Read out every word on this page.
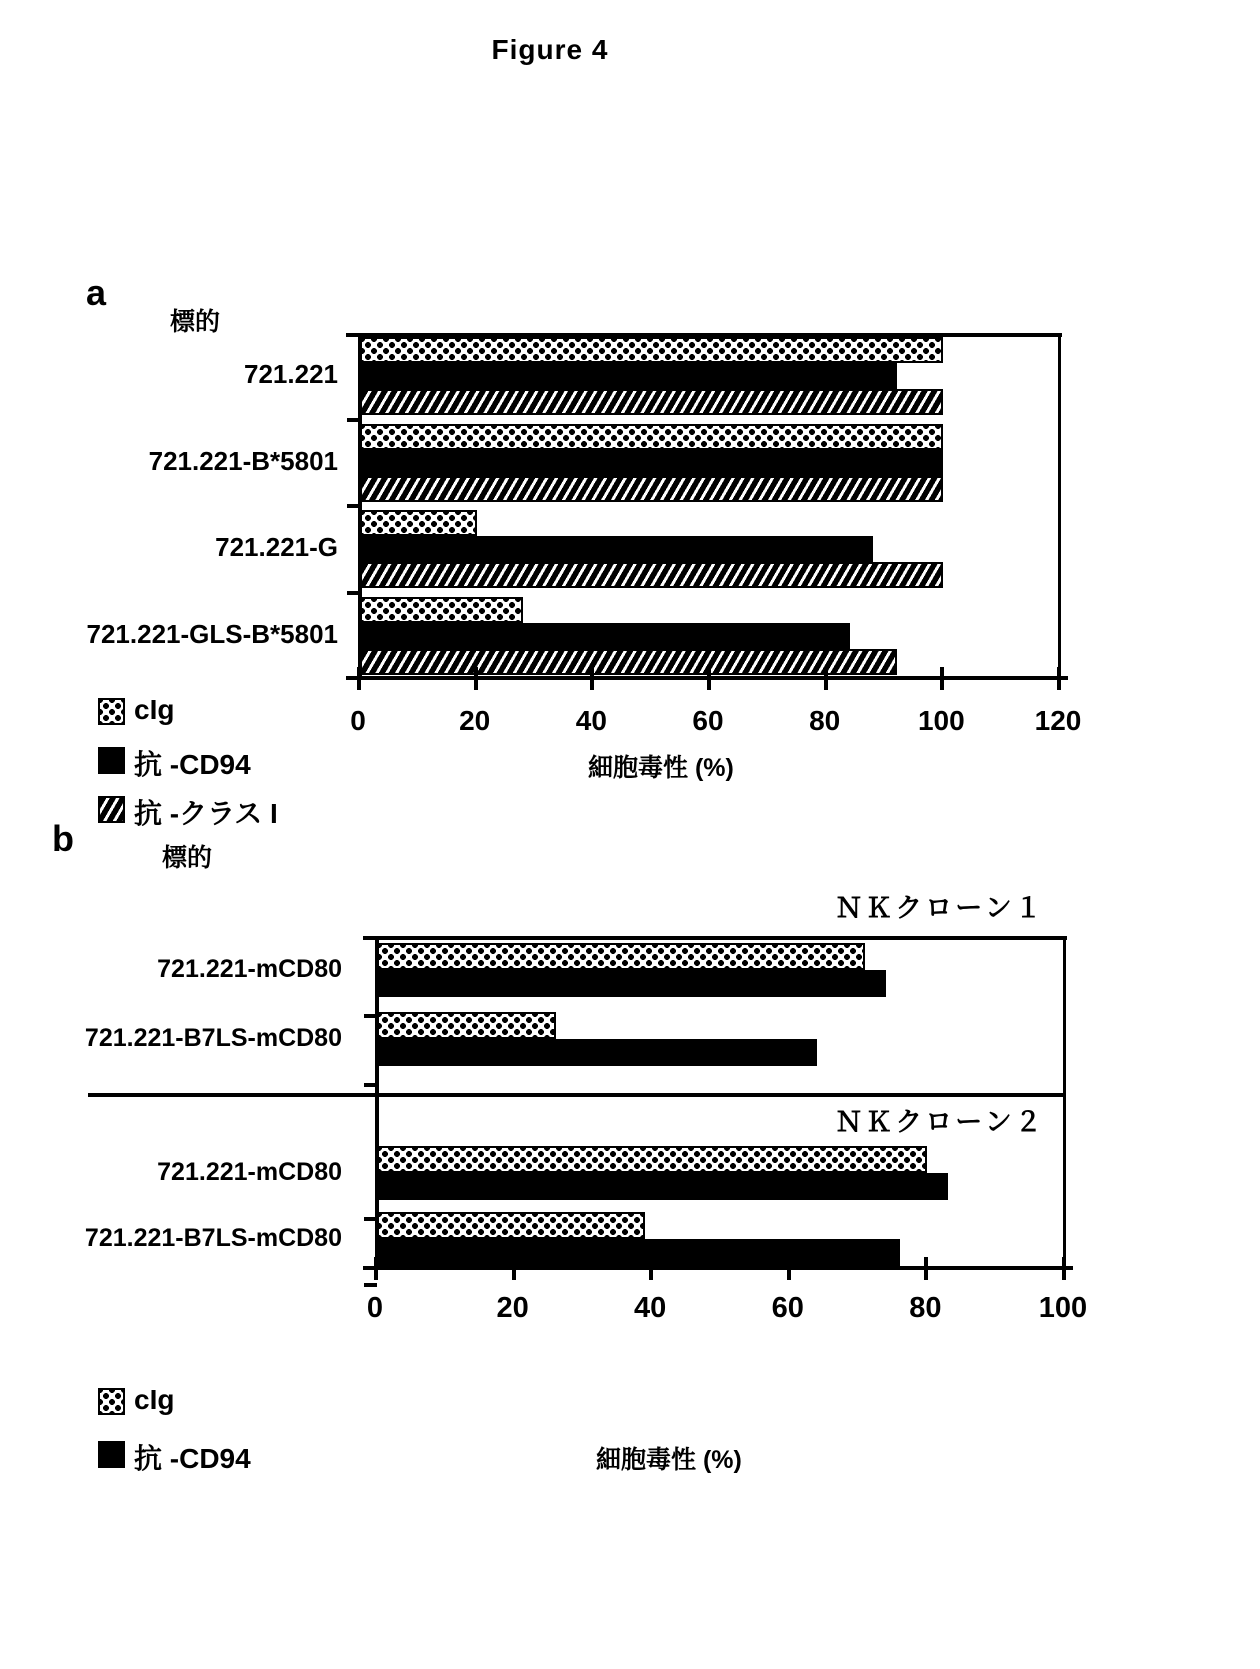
Figure 4
a
標的
細胞毒性 (%)
cIg
抗 -CD94
抗 -クラス I
b	標的
ＮＫクローン１
ＮＫクローン２
細胞毒性 (%)
cIg
抗 -CD94
721.221
721.221-B*5801
721.221-G
721.221-GLS-B*5801
0	20	40	60	80	100	120
721.221-mCD80
721.221-B7LS-mCD80
721.221-mCD80
721.221-B7LS-mCD80
0	20	40	60	80	100
